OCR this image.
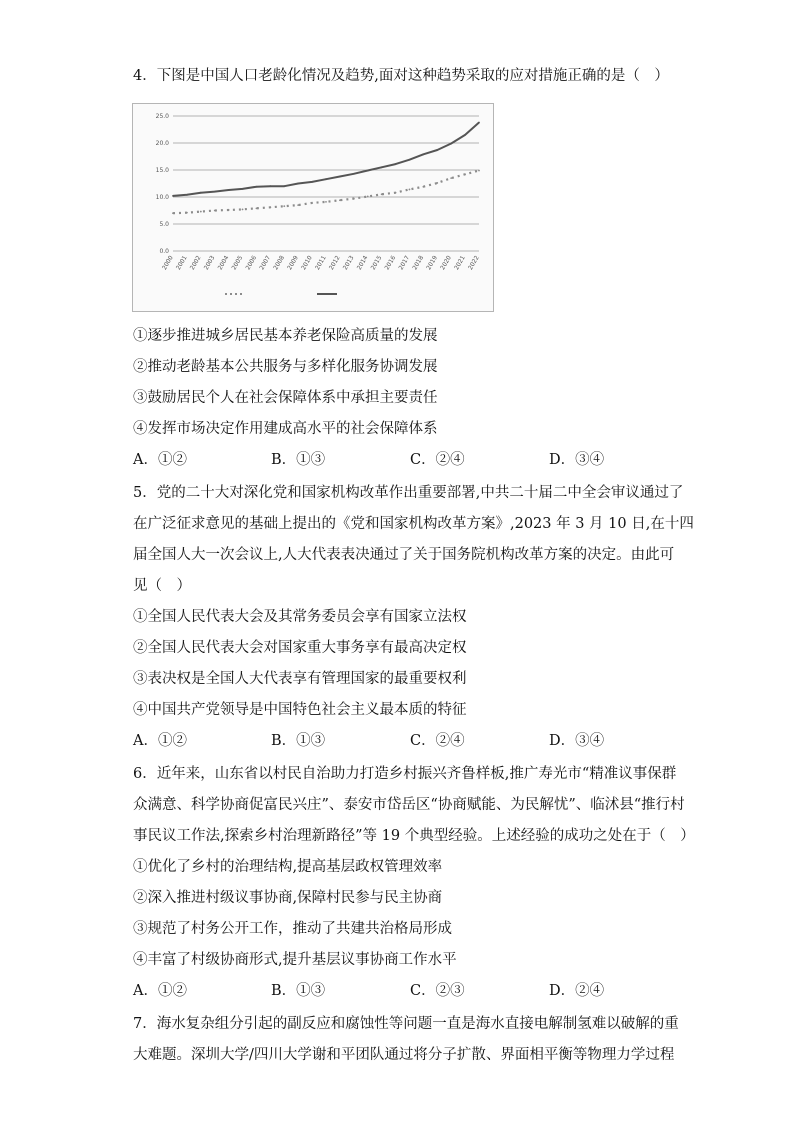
4．下图是中国人口老龄化情况及趋势,面对这种趋势采取的应对措施正确的是（　）
0.0
5.0
10.0
15.0
20.0
25.0
2000 2001 2002 2003 2004 2005 2006 2007 2008 2009 2010 2011 2012 2013 2014 2015 2016 2017 2018 2019 2020 2021 2022
①逐步推进城乡居民基本养老保险高质量的发展
②推动老龄基本公共服务与多样化服务协调发展
③鼓励居民个人在社会保障体系中承担主要责任
④发挥市场决定作用建成高水平的社会保障体系
A．①②	B．①③	C．②④	D．③④
5．党的二十大对深化党和国家机构改革作出重要部署,中共二十届二中全会审议通过了
在广泛征求意见的基础上提出的《党和国家机构改革方案》,2023 年 3 月 10 日,在十四
届全国人大一次会议上,人大代表表决通过了关于国务院机构改革方案的决定。由此可
见（　）
①全国人民代表大会及其常务委员会享有国家立法权
②全国人民代表大会对国家重大事务享有最高决定权
③表决权是全国人大代表享有管理国家的最重要权利
④中国共产党领导是中国特色社会主义最本质的特征
A．①②	B．①③	C．②④	D．③④
6．近年来，山东省以村民自治助力打造乡村振兴齐鲁样板,推广寿光市“精准议事保群
众满意、科学协商促富民兴庄”、泰安市岱岳区“协商赋能、为民解忧”、临沭县“推行村
事民议工作法,探索乡村治理新路径”等 19 个典型经验。上述经验的成功之处在于（　）
①优化了乡村的治理结构,提高基层政权管理效率
②深入推进村级议事协商,保障村民参与民主协商
③规范了村务公开工作，推动了共建共治格局形成
④丰富了村级协商形式,提升基层议事协商工作水平
A．①②	B．①③	C．②③	D．②④
7．海水复杂组分引起的副反应和腐蚀性等问题一直是海水直接电解制氢难以破解的重
大难题。深圳大学/四川大学谢和平团队通过将分子扩散、界面相平衡等物理力学过程
